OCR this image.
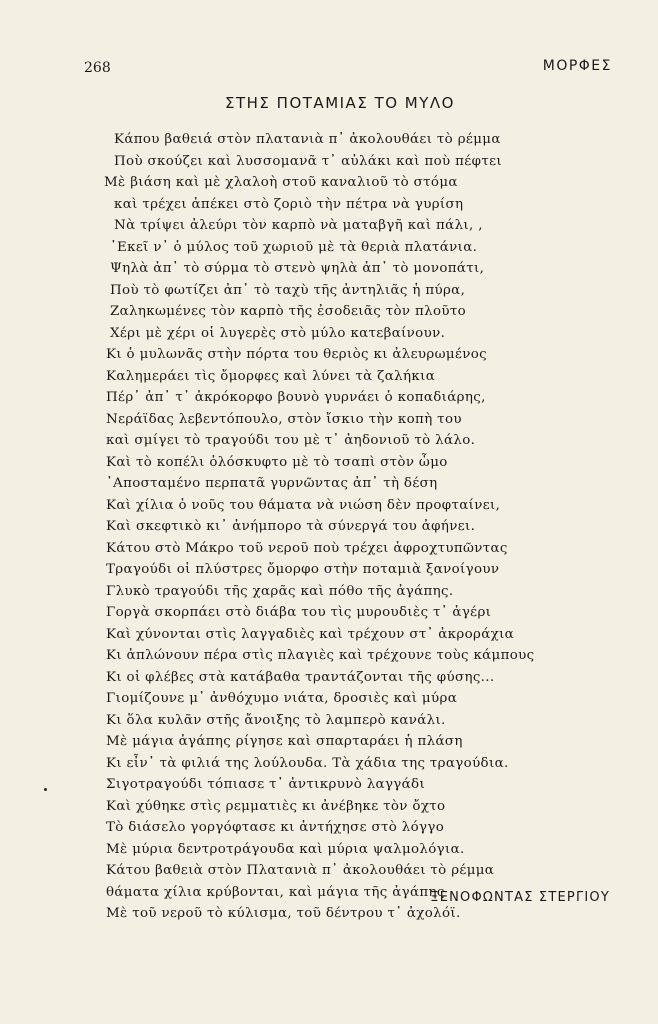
268	ΜΟΡΦΕΣ
ΣΤΗΣ ΠΟΤΑΜΙΑΣ ΤΟ ΜΥΛΟ
Κάπου βαθειά στὸν πλατανιὰ π᾽ ἀκολουθάει τὸ ρέμμα
Ποὺ σκούζει καὶ λυσσομανᾶ τ᾽ αὐλάκι καὶ ποὺ πέφτει
Μὲ βιάση καὶ μὲ χλαλοὴ στοῦ καναλιοῦ τὸ στόμα
καὶ τρέχει ἀπέκει στὸ ζοριὸ τὴν πέτρα νὰ γυρίση
Νὰ τρίψει ἀλεύρι τὸν καρπὸ νὰ ματαβγῆ καὶ πάλι, ,
᾽Εκεῖ ν᾽ ὁ μύλος τοῦ χωριοῦ μὲ τὰ θεριὰ πλατάνια.
Ψηλὰ ἀπ᾽ τὸ σύρμα τὸ στενὸ ψηλὰ ἀπ᾽ τὸ μονοπάτι,
Ποὺ τὸ φωτίζει ἀπ᾽ τὸ ταχὺ τῆς ἀντηλιᾶς ἡ πύρα,
Ζαληκωμένες τὸν καρπὸ τῆς ἐσοδειᾶς τὸν πλοῦτο
Χέρι μὲ χέρι οἱ λυγερὲς στὸ μύλο κατεβαίνουν.
Κι ὁ μυλωνᾶς στὴν πόρτα του θεριὸς κι ἀλευρωμένος
Καλημεράει τὶς ὄμορφες καὶ λύνει τὰ ζαλήκια
Πέρ᾽ ἀπ᾽ τ᾽ ἀκρόκορφο βουνὸ γυρνάει ὁ κοπαδιάρης,
Νεράϊδας λεβεντόπουλο, στὸν ἴσκιο τὴν κοπὴ του
καὶ σμίγει τὸ τραγούδι του μὲ τ᾽ ἀηδονιοῦ τὸ λάλο.
Καὶ τὸ κοπέλι ὀλόσκυφτο μὲ τὸ τσαπὶ στὸν ὦμο
᾽Αποσταμένο περπατᾶ γυρνῶντας ἀπ᾽ τὴ δέση
Καὶ χίλια ὁ νοῦς του θάματα νὰ νιώση δὲν προφταίνει,
Καὶ σκεφτικὸ κι᾽ ἀνήμπορο τὰ σύνεργά του ἀφήνει.
Κάτου στὸ Μάκρο τοῦ νεροῦ ποὺ τρέχει ἀφροχτυπῶντας
Τραγούδι οἱ πλύστρες ὄμορφο στὴν ποταμιὰ ξανοίγουν
Γλυκὸ τραγούδι τῆς χαρᾶς καὶ πόθο τῆς ἀγάπης.
Γοργὰ σκορπάει στὸ διάβα του τὶς μυρουδιὲς τ᾽ ἀγέρι
Καὶ χύνονται στὶς λαγγαδιὲς καὶ τρέχουν στ᾽ ἀκροράχια
Κι ἁπλώνουν πέρα στὶς πλαγιὲς καὶ τρέχουνε τοὺς κάμπους
Κι οἱ φλέβες στὰ κατάβαθα τραντάζονται τῆς φύσης...
Γιομίζουνε μ᾽ ἀνθόχυμο νιάτα, δροσιὲς καὶ μύρα
Κι ὅλα κυλᾶν στῆς ἄνοιξης τὸ λαμπερὸ κανάλι.
Μὲ μάγια ἀγάπης ρίγησε καὶ σπαρταράει ἡ πλάση
Κι εἶν᾽ τὰ φιλιά της λούλουδα. Τὰ χάδια της τραγούδια.
Σιγοτραγούδι τόπιασε τ᾽ ἀντικρυνὸ λαγγάδι
Καὶ χύθηκε στὶς ρεμματιὲς κι ἀνέβηκε τὸν ὄχτο
Τὸ διάσελο γοργόφτασε κι ἀντήχησε στὸ λόγγο
Μὲ μύρια δεντροτράγουδα καὶ μύρια ψαλμολόγια.
Κάτου βαθειὰ στὸν Πλατανιὰ π᾽ ἀκολουθάει τὸ ρέμμα
θάματα χίλια κρύβονται, καὶ μάγια τῆς ἀγάπης
Μὲ τοῦ νεροῦ τὸ κύλισμα, τοῦ δέντρου τ᾽ ἀχολόϊ.
ΞΕΝΟΦΩΝΤΑΣ ΣΤΕΡΓΙΟΥ
